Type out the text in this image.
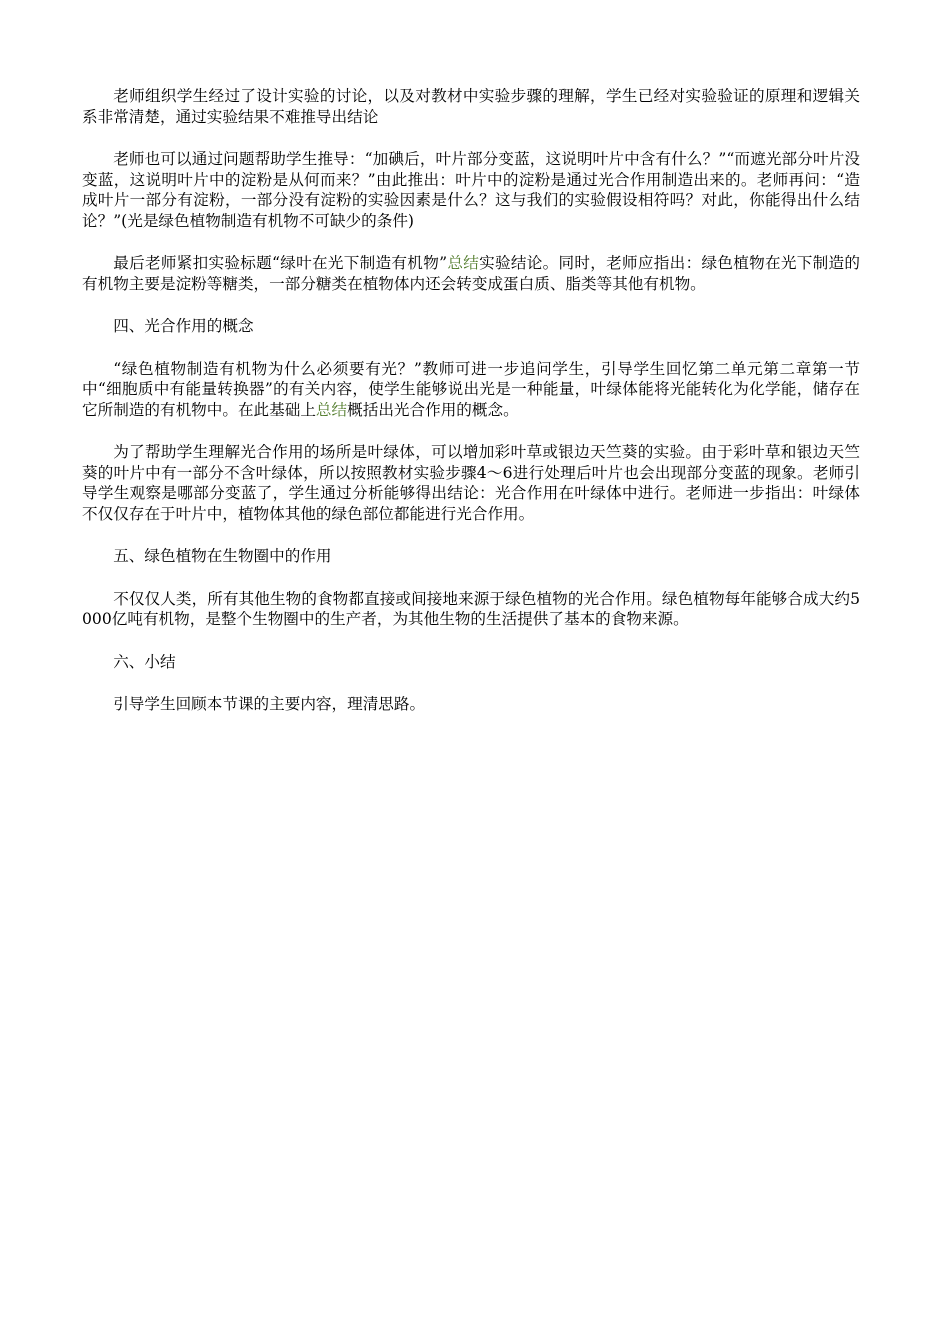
老师组织学生经过了设计实验的讨论，以及对教材中实验步骤的理解，学生已经对实验验证的原理和逻辑关系非常清楚，通过实验结果不难推导出结论

老师也可以通过问题帮助学生推导：“加碘后，叶片部分变蓝，这说明叶片中含有什么？”“而遮光部分叶片没变蓝，这说明叶片中的淀粉是从何而来？”由此推出：叶片中的淀粉是通过光合作用制造出来的。老师再问：“造成叶片一部分有淀粉，一部分没有淀粉的实验因素是什么？这与我们的实验假设相符吗？对此，你能得出什么结论？”(光是绿色植物制造有机物不可缺少的条件)

最后老师紧扣实验标题“绿叶在光下制造有机物”总结实验结论。同时，老师应指出：绿色植物在光下制造的有机物主要是淀粉等糖类，一部分糖类在植物体内还会转变成蛋白质、脂类等其他有机物。

四、光合作用的概念

“绿色植物制造有机物为什么必须要有光？”教师可进一步追问学生，引导学生回忆第二单元第二章第一节中“细胞质中有能量转换器”的有关内容，使学生能够说出光是一种能量，叶绿体能将光能转化为化学能，储存在它所制造的有机物中。在此基础上总结概括出光合作用的概念。

为了帮助学生理解光合作用的场所是叶绿体，可以增加彩叶草或银边天竺葵的实验。由于彩叶草和银边天竺葵的叶片中有一部分不含叶绿体，所以按照教材实验步骤4～6进行处理后叶片也会出现部分变蓝的现象。老师引导学生观察是哪部分变蓝了，学生通过分析能够得出结论：光合作用在叶绿体中进行。老师进一步指出：叶绿体不仅仅存在于叶片中，植物体其他的绿色部位都能进行光合作用。

五、绿色植物在生物圈中的作用

不仅仅人类，所有其他生物的食物都直接或间接地来源于绿色植物的光合作用。绿色植物每年能够合成大约5000亿吨有机物，是整个生物圈中的生产者，为其他生物的生活提供了基本的食物来源。

六、小结

引导学生回顾本节课的主要内容，理清思路。
